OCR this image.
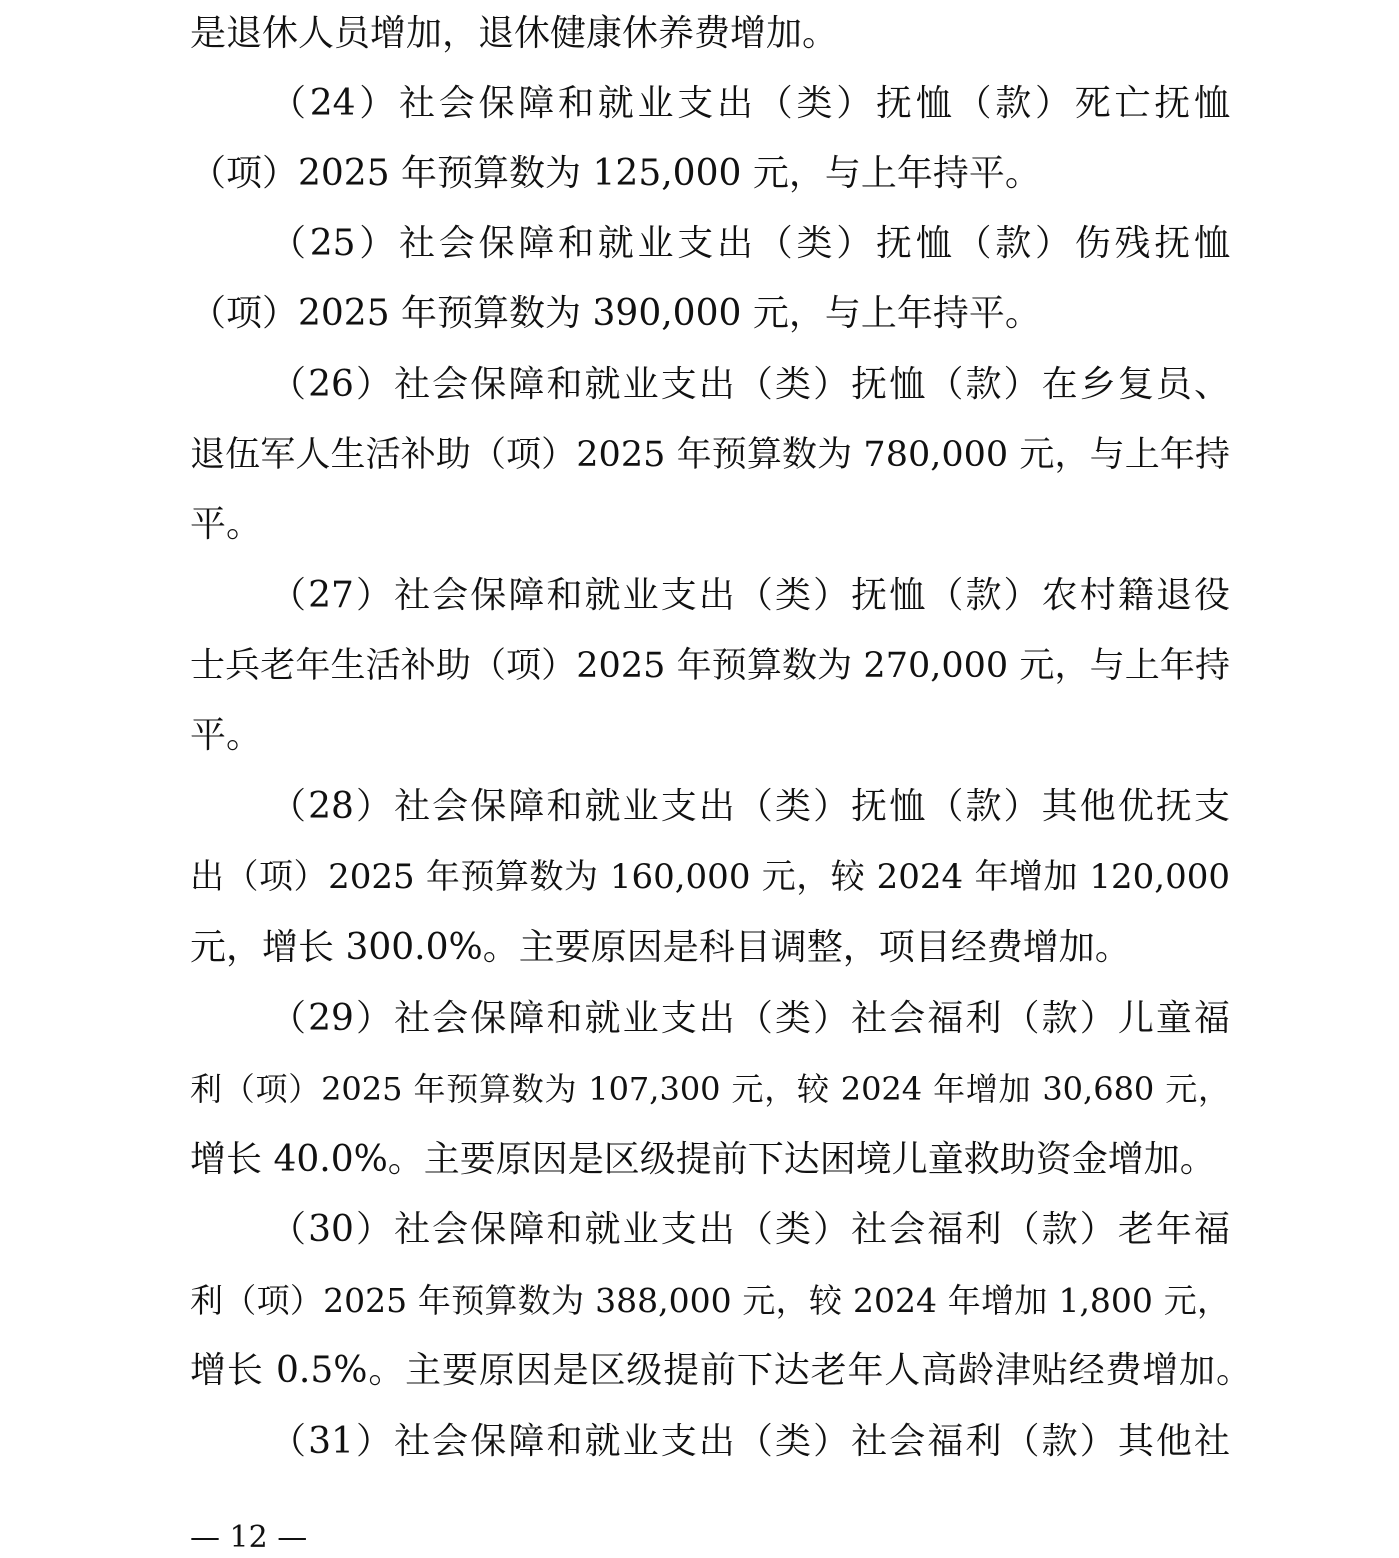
是退休人员增加，退休健康休养费增加。
（24）社会保障和就业支出（类）抚恤（款）死亡抚恤
（项）2025 年预算数为 125,000 元，与上年持平。
（25）社会保障和就业支出（类）抚恤（款）伤残抚恤
（项）2025 年预算数为 390,000 元，与上年持平。
（26）社会保障和就业支出（类）抚恤（款）在乡复员、
退伍军人生活补助（项）2025 年预算数为 780,000 元，与上年持
平。
（27）社会保障和就业支出（类）抚恤（款）农村籍退役
士兵老年生活补助（项）2025 年预算数为 270,000 元，与上年持
平。
（28）社会保障和就业支出（类）抚恤（款）其他优抚支
出（项）2025 年预算数为 160,000 元，较 2024 年增加 120,000
元，增长 300.0%。主要原因是科目调整，项目经费增加。
（29）社会保障和就业支出（类）社会福利（款）儿童福
利（项）2025 年预算数为 107,300 元，较 2024 年增加 30,680 元，
增长 40.0%。主要原因是区级提前下达困境儿童救助资金增加。
（30）社会保障和就业支出（类）社会福利（款）老年福
利（项）2025 年预算数为 388,000 元，较 2024 年增加 1,800 元，
增长 0.5%。主要原因是区级提前下达老年人高龄津贴经费增加。
（31）社会保障和就业支出（类）社会福利（款）其他社
— 12 —
